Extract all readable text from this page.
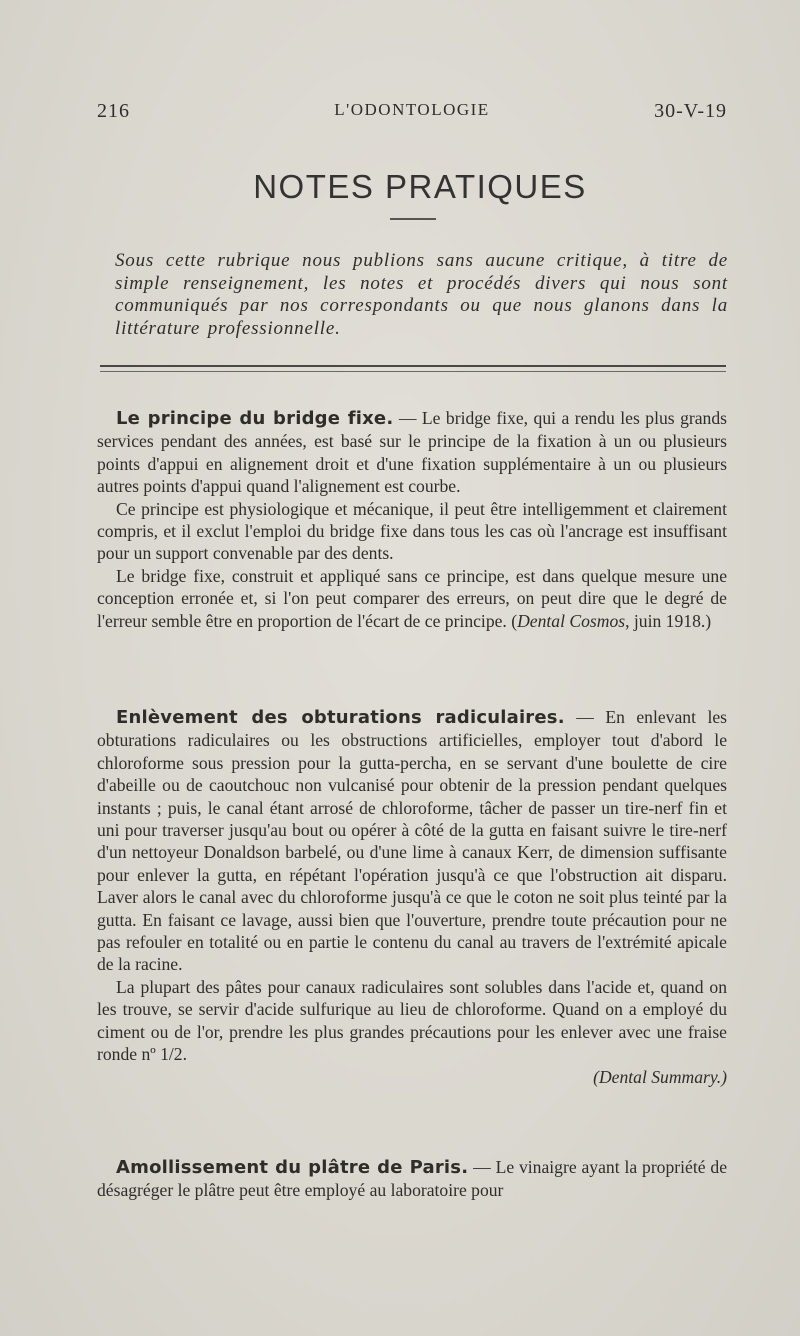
216	L'ODONTOLOGIE	30-V-19
NOTES PRATIQUES
Sous cette rubrique nous publions sans aucune critique, à titre de simple renseignement, les notes et procédés divers qui nous sont communiqués par nos correspondants ou que nous glanons dans la littérature professionnelle.

Le principe du bridge fixe. — Le bridge fixe, qui a rendu les plus grands services pendant des années, est basé sur le principe de la fixation à un ou plusieurs points d'appui en alignement droit et d'une fixation supplémentaire à un ou plusieurs autres points d'appui quand l'alignement est courbe.

Ce principe est physiologique et mécanique, il peut être intelligemment et clairement compris, et il exclut l'emploi du bridge fixe dans tous les cas où l'ancrage est insuffisant pour un support convenable par des dents.

Le bridge fixe, construit et appliqué sans ce principe, est dans quelque mesure une conception erronée et, si l'on peut comparer des erreurs, on peut dire que le degré de l'erreur semble être en proportion de l'écart de ce principe. (Dental Cosmos, juin 1918.)

Enlèvement des obturations radiculaires. — En enlevant les obturations radiculaires ou les obstructions artificielles, employer tout d'abord le chloroforme sous pression pour la gutta-percha, en se servant d'une boulette de cire d'abeille ou de caoutchouc non vulcanisé pour obtenir de la pression pendant quelques instants ; puis, le canal étant arrosé de chloroforme, tâcher de passer un tire-nerf fin et uni pour traverser jusqu'au bout ou opérer à côté de la gutta en faisant suivre le tire-nerf d'un nettoyeur Donaldson barbelé, ou d'une lime à canaux Kerr, de dimension suffisante pour enlever la gutta, en répétant l'opération jusqu'à ce que l'obstruction ait disparu. Laver alors le canal avec du chloroforme jusqu'à ce que le coton ne soit plus teinté par la gutta. En faisant ce lavage, aussi bien que l'ouverture, prendre toute précaution pour ne pas refouler en totalité ou en partie le contenu du canal au travers de l'extrémité apicale de la racine.

La plupart des pâtes pour canaux radiculaires sont solubles dans l'acide et, quand on les trouve, se servir d'acide sulfurique au lieu de chloroforme. Quand on a employé du ciment ou de l'or, prendre les plus grandes précautions pour les enlever avec une fraise ronde nº 1/2.

(Dental Summary.)

Amollissement du plâtre de Paris. — Le vinaigre ayant la propriété de désagréger le plâtre peut être employé au laboratoire pour
